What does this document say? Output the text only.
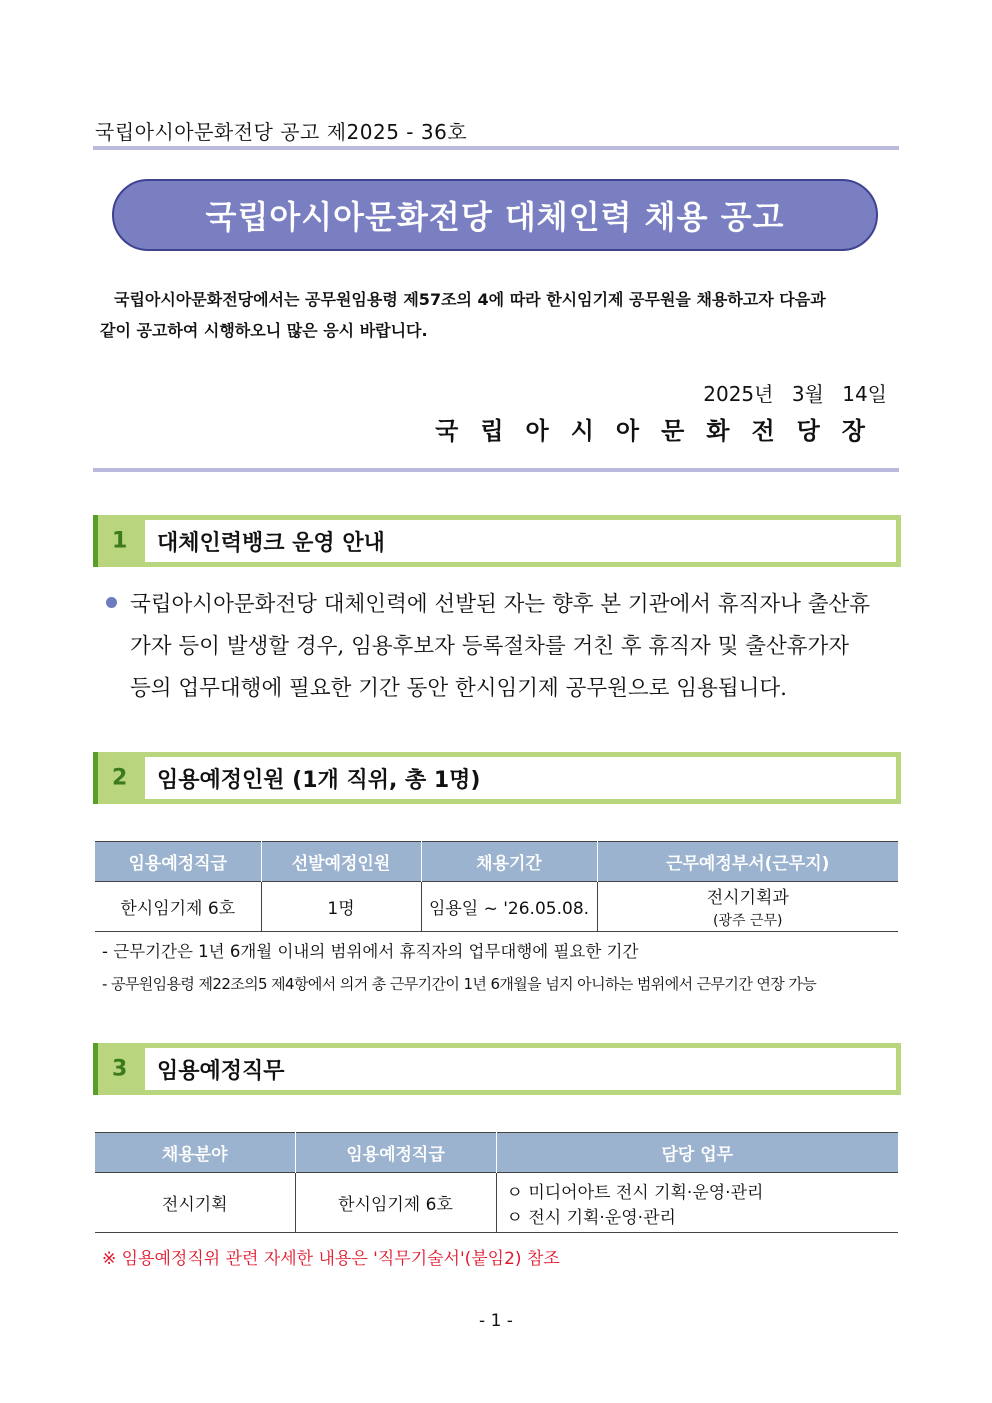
국립아시아문화전당 공고 제2025 - 36호
국립아시아문화전당 대체인력 채용 공고

국립아시아문화전당에서는 공무원임용령 제57조의 4에 따라 한시임기제 공무원을 채용하고자 다음과

같이 공고하여 시행하오니 많은 응시 바랍니다.

2025년 3월 14일
국립아시아문화전당장
1	대체인력뱅크 운영 안내
국립아시아문화전당 대체인력에 선발된 자는 향후 본 기관에서 휴직자나 출산휴
가자 등이 발생할 경우, 임용후보자 등록절차를 거친 후 휴직자 및 출산휴가자
등의 업무대행에 필요한 기간 동안 한시임기제 공무원으로 임용됩니다.
2	임용예정인원 (1개 직위, 총 1명)
임용예정직급	선발예정인원	채용기간	근무예정부서(근무지)
한시임기제 6호	1명	임용일 ~ '26.05.08.	전시기획과
(광주 근무)
- 근무기간은 1년 6개월 이내의 범위에서 휴직자의 업무대행에 필요한 기간
- 공무원임용령 제22조의5 제4항에서 의거 총 근무기간이 1년 6개월을 넘지 아니하는 범위에서 근무기간 연장 가능
3	임용예정직무
채용분야	임용예정직급	담당 업무
전시기획	한시임기제 6호	ㅇ 미디어아트 전시 기획·운영·관리
ㅇ 전시 기획·운영·관리
※ 임용예정직위 관련 자세한 내용은 '직무기술서'(붙임2) 참조
- 1 -
